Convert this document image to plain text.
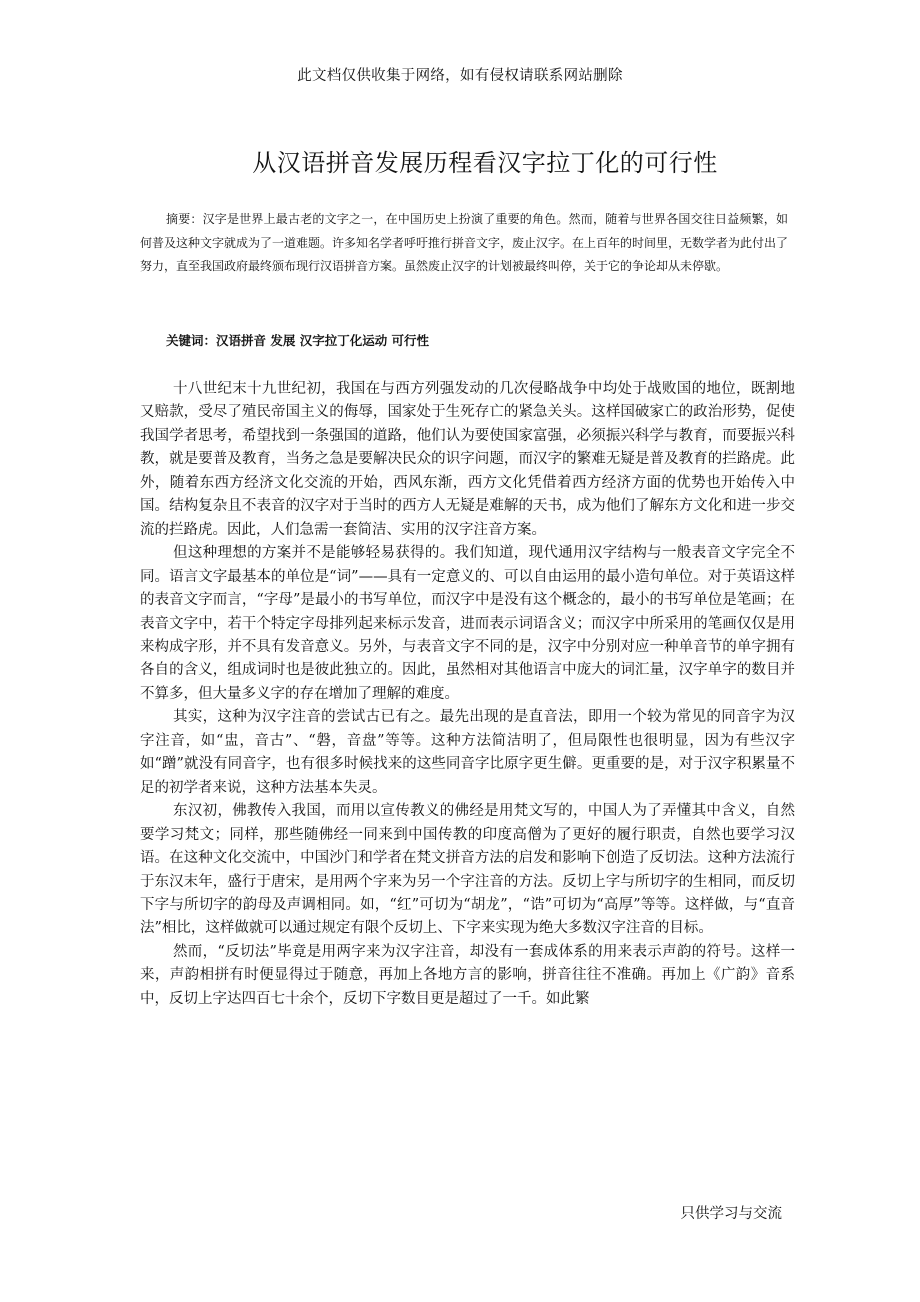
此文档仅供收集于网络，如有侵权请联系网站删除
从汉语拼音发展历程看汉字拉丁化的可行性
摘要：汉字是世界上最古老的文字之一，在中国历史上扮演了重要的角色。然而，随着与世界各国交往日益频繁，如何普及这种文字就成为了一道难题。许多知名学者呼吁推行拼音文字，废止汉字。在上百年的时间里，无数学者为此付出了努力，直至我国政府最终颁布现行汉语拼音方案。虽然废止汉字的计划被最终叫停，关于它的争论却从未停歇。
关键词：汉语拼音 发展 汉字拉丁化运动 可行性

十八世纪末十九世纪初，我国在与西方列强发动的几次侵略战争中均处于战败国的地位，既割地又赔款，受尽了殖民帝国主义的侮辱，国家处于生死存亡的紧急关头。这样国破家亡的政治形势，促使我国学者思考，希望找到一条强国的道路，他们认为要使国家富强，必须振兴科学与教育，而要振兴科教，就是要普及教育，当务之急是要解决民众的识字问题，而汉字的繁难无疑是普及教育的拦路虎。此外，随着东西方经济文化交流的开始，西风东渐，西方文化凭借着西方经济方面的优势也开始传入中国。结构复杂且不表音的汉字对于当时的西方人无疑是难解的天书，成为他们了解东方文化和进一步交流的拦路虎。因此，人们急需一套简洁、实用的汉字注音方案。

但这种理想的方案并不是能够轻易获得的。我们知道，现代通用汉字结构与一般表音文字完全不同。语言文字最基本的单位是“词”——具有一定意义的、可以自由运用的最小造句单位。对于英语这样的表音文字而言，“字母”是最小的书写单位，而汉字中是没有这个概念的，最小的书写单位是笔画；在表音文字中，若干个特定字母排列起来标示发音，进而表示词语含义；而汉字中所采用的笔画仅仅是用来构成字形，并不具有发音意义。另外，与表音文字不同的是，汉字中分别对应一种单音节的单字拥有各自的含义，组成词时也是彼此独立的。因此，虽然相对其他语言中庞大的词汇量，汉字单字的数目并不算多，但大量多义字的存在增加了理解的难度。

其实，这种为汉字注音的尝试古已有之。最先出现的是直音法，即用一个较为常见的同音字为汉字注音，如“盅，音古”、“磐，音盘”等等。这种方法简洁明了，但局限性也很明显，因为有些汉字如“蹭”就没有同音字，也有很多时候找来的这些同音字比原字更生僻。更重要的是，对于汉字积累量不足的初学者来说，这种方法基本失灵。

东汉初，佛教传入我国，而用以宣传教义的佛经是用梵文写的，中国人为了弄懂其中含义，自然要学习梵文；同样，那些随佛经一同来到中国传教的印度高僧为了更好的履行职责，自然也要学习汉语。在这种文化交流中，中国沙门和学者在梵文拼音方法的启发和影响下创造了反切法。这种方法流行于东汉末年，盛行于唐宋，是用两个字来为另一个字注音的方法。反切上字与所切字的生相同，而反切下字与所切字的韵母及声调相同。如，“红”可切为“胡龙”，“诰”可切为“高厚”等等。这样做，与“直音法”相比，这样做就可以通过规定有限个反切上、下字来实现为绝大多数汉字注音的目标。

然而，“反切法”毕竟是用两字来为汉字注音，却没有一套成体系的用来表示声韵的符号。这样一来，声韵相拼有时便显得过于随意，再加上各地方言的影响，拼音往往不准确。再加上《广韵》音系中，反切上字达四百七十余个，反切下字数目更是超过了一千。如此繁

只供学习与交流
